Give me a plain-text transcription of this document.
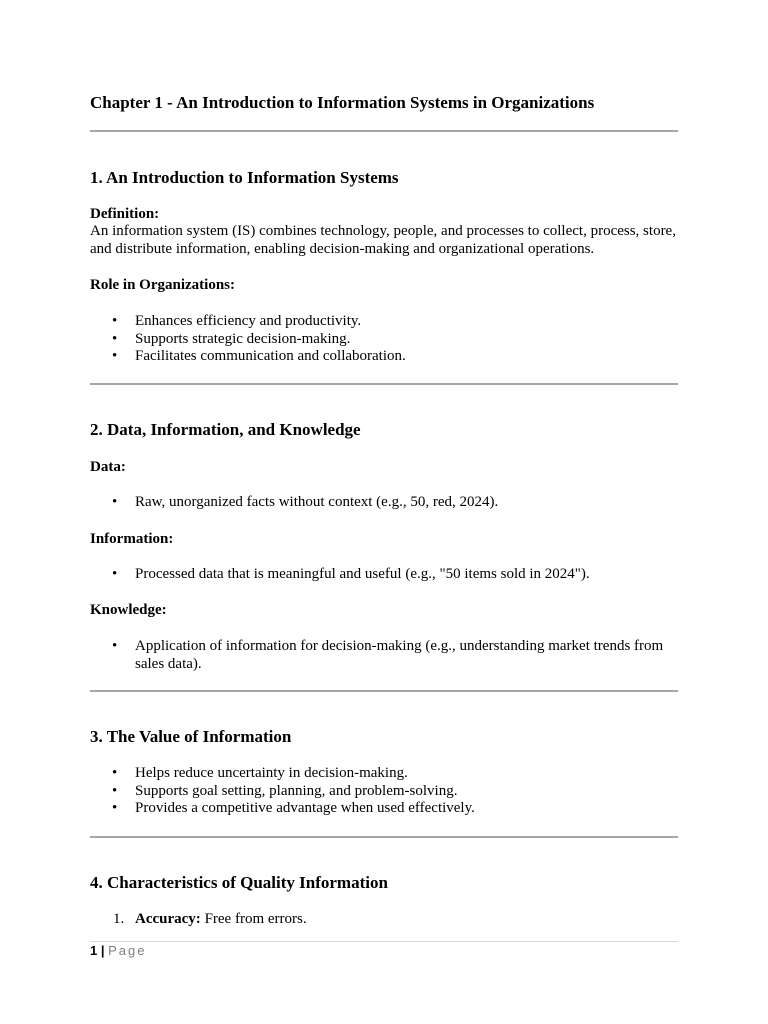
Chapter 1 - An Introduction to Information Systems in Organizations
1. An Introduction to Information Systems
Definition:
An information system (IS) combines technology, people, and processes to collect, process, store, and distribute information, enabling decision-making and organizational operations.
Role in Organizations:
• Enhances efficiency and productivity.
• Supports strategic decision-making.
• Facilitates communication and collaboration.
2. Data, Information, and Knowledge
Data:
• Raw, unorganized facts without context (e.g., 50, red, 2024).
Information:
• Processed data that is meaningful and useful (e.g., "50 items sold in 2024").
Knowledge:
• Application of information for decision-making (e.g., understanding market trends from sales data).
3. The Value of Information
• Helps reduce uncertainty in decision-making.
• Supports goal setting, planning, and problem-solving.
• Provides a competitive advantage when used effectively.
4. Characteristics of Quality Information
1. Accuracy: Free from errors.
1 | Page
